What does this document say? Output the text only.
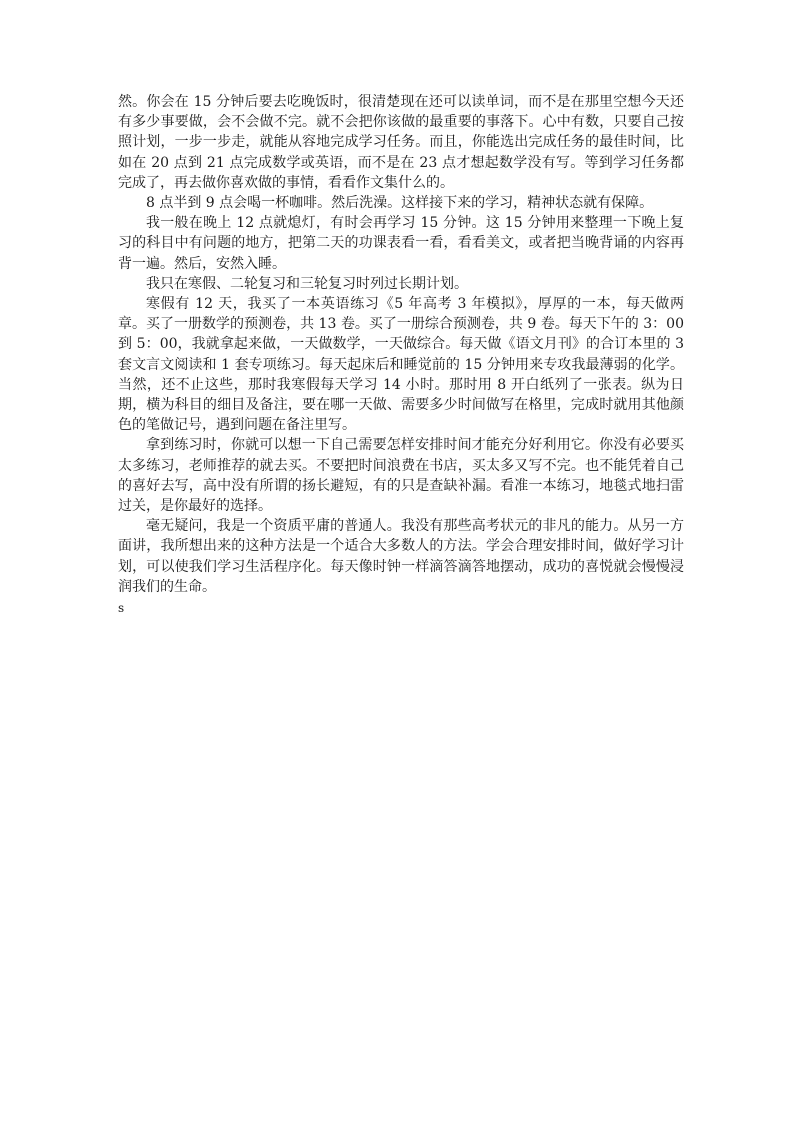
然。你会在 15 分钟后要去吃晚饭时，很清楚现在还可以读单词，而不是在那里空想今天还有多少事要做，会不会做不完。就不会把你该做的最重要的事落下。心中有数，只要自己按照计划，一步一步走，就能从容地完成学习任务。而且，你能选出完成任务的最佳时间，比如在 20 点到 21 点完成数学或英语，而不是在 23 点才想起数学没有写。等到学习任务都完成了，再去做你喜欢做的事情，看看作文集什么的。

8 点半到 9 点会喝一杯咖啡。然后洗澡。这样接下来的学习，精神状态就有保障。

我一般在晚上 12 点就熄灯，有时会再学习 15 分钟。这 15 分钟用来整理一下晚上复习的科目中有问题的地方，把第二天的功课表看一看，看看美文，或者把当晚背诵的内容再背一遍。然后，安然入睡。

我只在寒假、二轮复习和三轮复习时列过长期计划。

寒假有 12 天，我买了一本英语练习《5 年高考 3 年模拟》，厚厚的一本，每天做两章。买了一册数学的预测卷，共 13 卷。买了一册综合预测卷，共 9 卷。每天下午的 3：00 到 5：00，我就拿起来做，一天做数学，一天做综合。每天做《语文月刊》的合订本里的 3 套文言文阅读和 1 套专项练习。每天起床后和睡觉前的 15 分钟用来专攻我最薄弱的化学。当然，还不止这些，那时我寒假每天学习 14 小时。那时用 8 开白纸列了一张表。纵为日期，横为科目的细目及备注，要在哪一天做、需要多少时间做写在格里，完成时就用其他颜色的笔做记号，遇到问题在备注里写。

拿到练习时，你就可以想一下自己需要怎样安排时间才能充分好利用它。你没有必要买太多练习，老师推荐的就去买。不要把时间浪费在书店，买太多又写不完。也不能凭着自己的喜好去写，高中没有所谓的扬长避短，有的只是查缺补漏。看准一本练习，地毯式地扫雷过关，是你最好的选择。

毫无疑问，我是一个资质平庸的普通人。我没有那些高考状元的非凡的能力。从另一方面讲，我所想出来的这种方法是一个适合大多数人的方法。学会合理安排时间，做好学习计划，可以使我们学习生活程序化。每天像时钟一样滴答滴答地摆动，成功的喜悦就会慢慢浸润我们的生命。

s
